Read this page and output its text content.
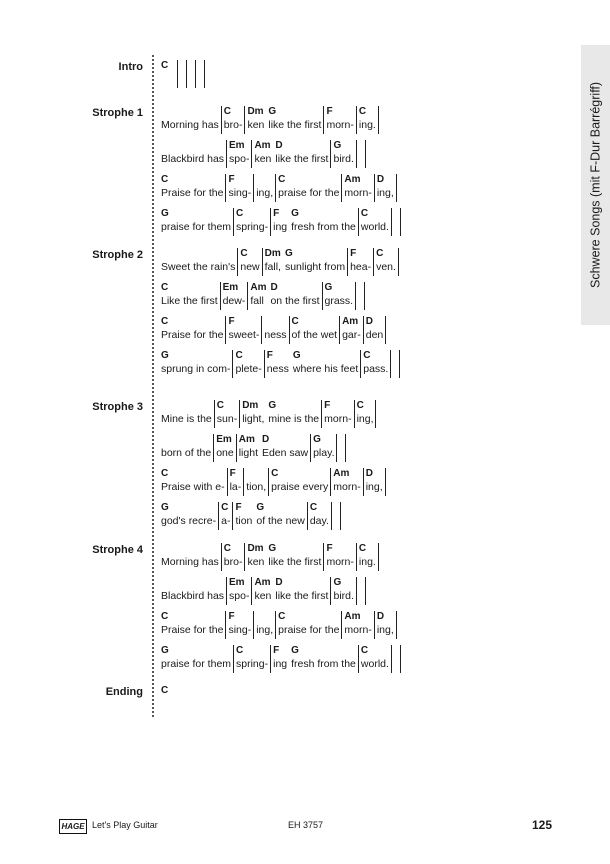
Schwere Songs (mit F-Dur Barrégriff)
Intro C
Strophe 1
Morning has
C
bro-
Dm
ken
G
like the first
F
morn-
C
ing.
Blackbird has
Em
spo-
Am
ken
D
like the first
G
bird.
C
Praise for the
F
sing- ing,
C
praise for the
Am
morn-
D
ing,
G
praise for them
C
spring-
F
ing
G
fresh from the
C
world.
Strophe 2
Sweet the rain's
C
new
Dm
fall,
G
sunlight from
F
hea-
C
ven.
C
Like the first
Em
dew-
Am
fall
D
on the first
G
grass.
C
Praise for the
F
sweet- ness
C
of the wet
Am
gar-
D
den
G
sprung in com-
C
plete-
F
ness
G
where his feet
C
pass.
Strophe 3
Mine is the
C
sun-
Dm
light,
G
mine is the
F
morn-
C
ing,
born of the
Em
one
Am
light
D
Eden saw
G
play.
C
Praise with e-
F
la- tion,
C
praise every
Am
morn-
D
ing,
G
god's recre-
C
a-
F
tion
G
of the new
C
day.
Strophe 4
Morning has
C
bro-
Dm
ken
G
like the first
F
morn-
C
ing.
Blackbird has
Em
spo-
Am
ken
D
like the first
G
bird.
C
Praise for the
F
sing- ing,
C
praise for the
Am
morn-
D
ing,
G
praise for them
C
spring-
F
ing
G
fresh from the
C
world.
Ending C
HAGE Let's Play Guitar	EH 3757	125
